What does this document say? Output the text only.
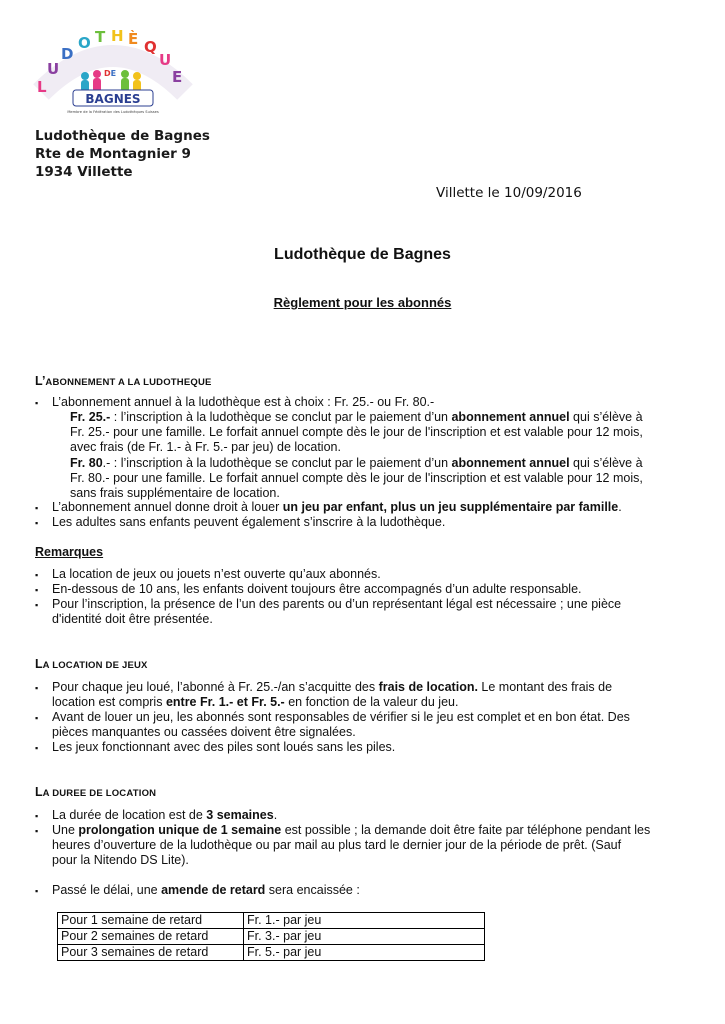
L U D O T H È Q U E
DE
BAGNES
Membre de la Fédération des Ludothèques Suisses
Ludothèque de Bagnes
Rte de Montagnier 9
1934 Villette
Villette le 10/09/2016
Ludothèque de Bagnes
Règlement pour les abonnés
L’ABONNEMENT A LA LUDOTHEQUE
▪ L’abonnement annuel à la ludothèque est à choix : Fr. 25.- ou Fr. 80.-
Fr. 25.- : l’inscription à la ludothèque se conclut par le paiement d’un abonnement annuel qui s’élève à
Fr. 25.- pour une famille. Le forfait annuel compte dès le jour de l'inscription et est valable pour 12 mois,
avec frais (de Fr. 1.- à Fr. 5.- par jeu) de location.
Fr. 80.- : l’inscription à la ludothèque se conclut par le paiement d’un abonnement annuel qui s’élève à
Fr. 80.- pour une famille. Le forfait annuel compte dès le jour de l'inscription et est valable pour 12 mois,
sans frais supplémentaire de location.
▪ L’abonnement annuel donne droit à louer un jeu par enfant, plus un jeu supplémentaire par famille.
▪ Les adultes sans enfants peuvent également s’inscrire à la ludothèque.
Remarques
▪ La location de jeux ou jouets n’est ouverte qu’aux abonnés.
▪ En-dessous de 10 ans, les enfants doivent toujours être accompagnés d’un adulte responsable.
▪ Pour l’inscription, la présence de l’un des parents ou d’un représentant légal est nécessaire ; une pièce
d'identité doit être présentée.
LA LOCATION DE JEUX
▪ Pour chaque jeu loué, l’abonné à Fr. 25.-/an s’acquitte des frais de location. Le montant des frais de
location est compris entre Fr. 1.- et Fr. 5.- en fonction de la valeur du jeu.
▪ Avant de louer un jeu, les abonnés sont responsables de vérifier si le jeu est complet et en bon état. Des
pièces manquantes ou cassées doivent être signalées.
▪ Les jeux fonctionnant avec des piles sont loués sans les piles.
LA DUREE DE LOCATION
▪ La durée de location est de 3 semaines.
▪ Une prolongation unique de 1 semaine est possible ; la demande doit être faite par téléphone pendant les
heures d’ouverture de la ludothèque ou par mail au plus tard le dernier jour de la période de prêt. (Sauf
pour la Nitendo DS Lite).
▪ Passé le délai, une amende de retard sera encaissée :
Pour 1 semaine de retard	Fr. 1.- par jeu
Pour 2 semaines de retard	Fr. 3.- par jeu
Pour 3 semaines de retard	Fr. 5.- par jeu
